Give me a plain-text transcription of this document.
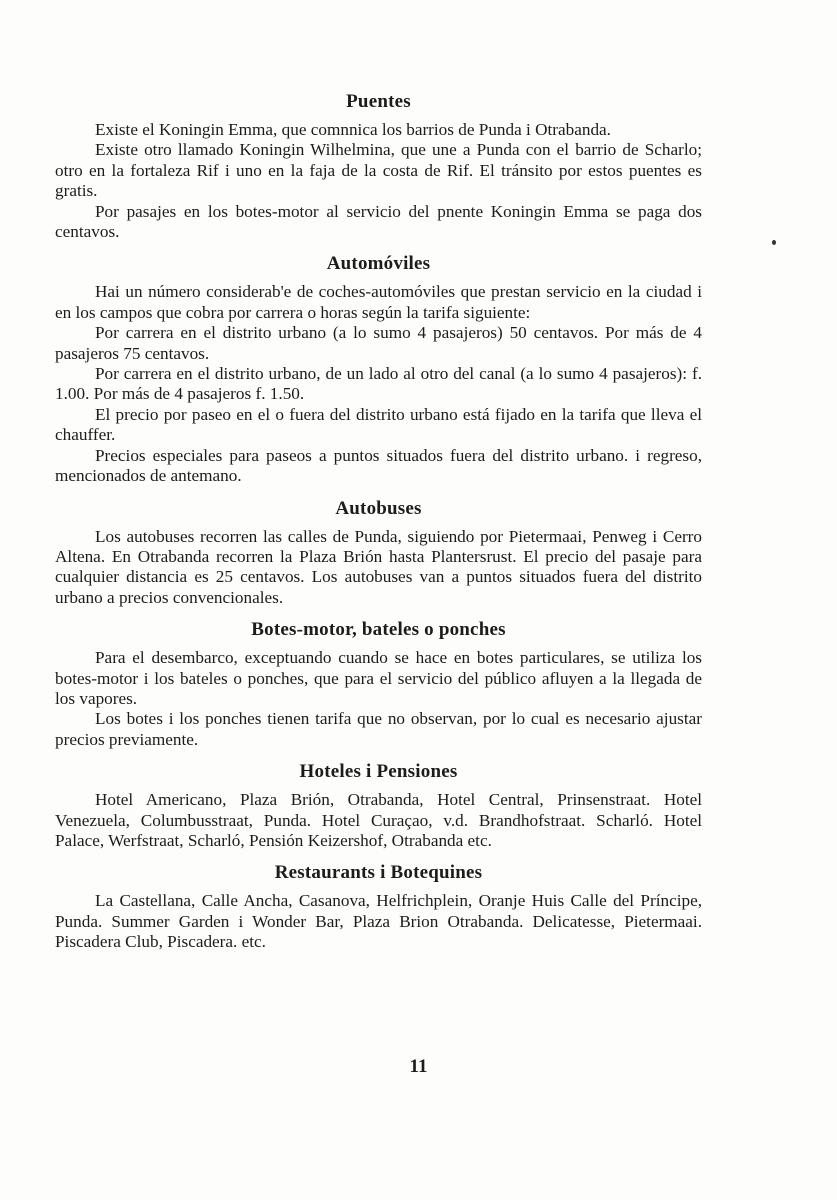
Puentes

Existe el Koningin Emma, que comnnica los barrios de Punda i Otrabanda.

Existe otro llamado Koningin Wilhelmina, que une a Punda con el barrio de Scharlo; otro en la fortaleza Rif i uno en la faja de la costa de Rif. El tránsito por estos puentes es gratis.

Por pasajes en los botes-motor al servicio del pnente Koningin Emma se paga dos centavos.

Automóviles

Hai un número considerab'e de coches-automóviles que prestan servicio en la ciudad i en los campos que cobra por carrera o horas según la tarifa siguiente:

Por carrera en el distrito urbano (a lo sumo 4 pasajeros) 50 centavos. Por más de 4 pasajeros 75 centavos.

Por carrera en el distrito urbano, de un lado al otro del canal (a lo sumo 4 pasajeros): f. 1.00. Por más de 4 pasajeros f. 1.50.

El precio por paseo en el o fuera del distrito urbano está fijado en la tarifa que lleva el chauffer.

Precios especiales para paseos a puntos situados fuera del distrito urbano. i regreso, mencionados de antemano.

Autobuses

Los autobuses recorren las calles de Punda, siguiendo por Pietermaai, Penweg i Cerro Altena. En Otrabanda recorren la Plaza Brión hasta Plantersrust. El precio del pasaje para cualquier distancia es 25 centavos. Los autobuses van a puntos situados fuera del distrito urbano a precios convencionales.

Botes-motor, bateles o ponches

Para el desembarco, exceptuando cuando se hace en botes particulares, se utiliza los botes-motor i los bateles o ponches, que para el servicio del público afluyen a la llegada de los vapores.

Los botes i los ponches tienen tarifa que no observan, por lo cual es necesario ajustar precios previamente.

Hoteles i Pensiones

Hotel Americano, Plaza Brión, Otrabanda, Hotel Central, Prinsenstraat. Hotel Venezuela, Columbusstraat, Punda. Hotel Curaçao, v.d. Brandhofstraat. Scharló. Hotel Palace, Werfstraat, Scharló, Pensión Keizershof, Otrabanda etc.

Restaurants i Botequines

La Castellana, Calle Ancha, Casanova, Helfrichplein, Oranje Huis Calle del Príncipe, Punda. Summer Garden i Wonder Bar, Plaza Brion Otrabanda. Delicatesse, Pietermaai. Piscadera Club, Piscadera. etc.

11
